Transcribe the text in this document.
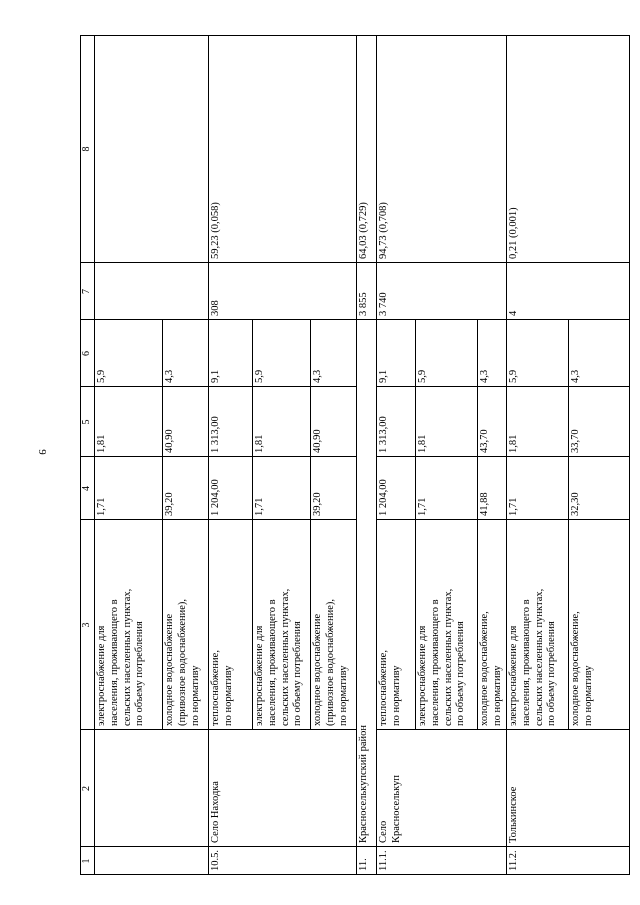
9
1
2
3
4
5
6
7
8
электроснабжение для населения, проживающего в сельских населенных пунктах, по объему потребления
1,71
1,81
5,9
холодное водоснабжение (привозное водоснабжение), по нормативу
39,20
40,90
4,3
10.5.
Село Находка
теплоснабжение, по нормативу
1 204,00
1 313,00
9,1
308
59,23 (0,058)
электроснабжение для населения, проживающего в сельских населенных пунктах, по объему потребления
1,71
1,81
5,9
холодное водоснабжение (привозное водоснабжение), по нормативу
39,20
40,90
4,3
11.
Красноселькупский район
3 855
64,03 (0,729)
11.1.
Село Красноселькуп
теплоснабжение, по нормативу
1 204,00
1 313,00
9,1
3 740
94,73 (0,708)
электроснабжение для населения, проживающего в сельских населенных пунктах, по объему потребления
1,71
1,81
5,9
холодное водоснабжение, по нормативу
41,88
43,70
4,3
11.2.
Толькинское
электроснабжение для населения, проживающего в сельских населенных пунктах, по объему потребления
1,71
1,81
5,9
4
0,21 (0,001)
холодное водоснабжение, по нормативу
32,30
33,70
4,3
